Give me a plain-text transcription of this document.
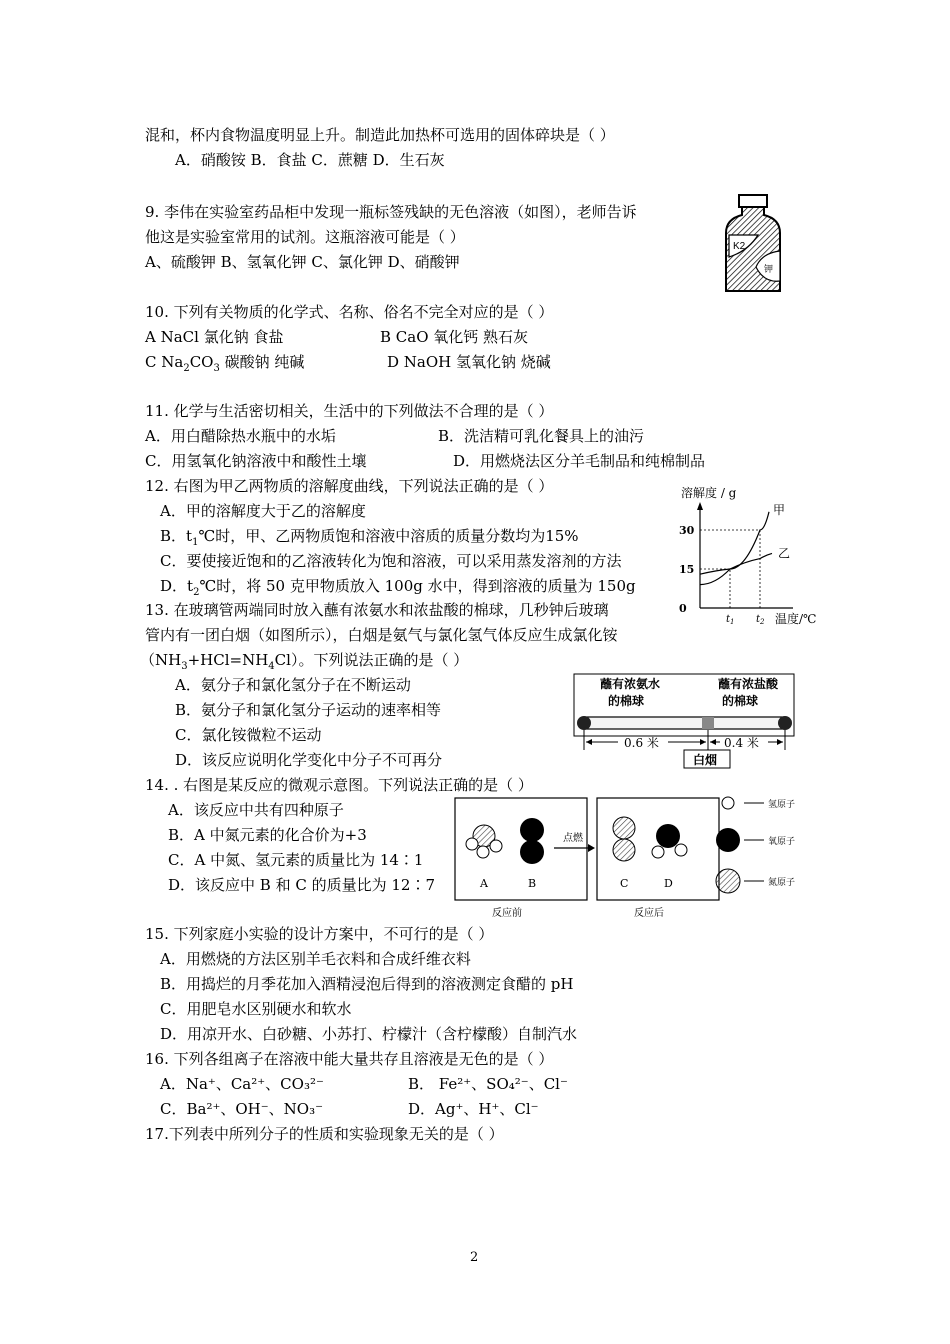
混和，杯内食物温度明显上升。制造此加热杯可选用的固体碎块是（ ）
A．硝酸铵 B．食盐 C．蔗糖 D．生石灰
9. 李伟在实验室药品柜中发现一瓶标签残缺的无色溶液（如图），老师告诉
他这是实验室常用的试剂。这瓶溶液可能是（ ）
A、硫酸钾 B、氢氧化钾 C、氯化钾 D、硝酸钾
K2
钾
10. 下列有关物质的化学式、名称、俗名不完全对应的是（ ）
A NaCl 氯化钠 食盐	B CaO 氧化钙 熟石灰
C $Na_2CO_3$ 碳酸钠 纯碱	D NaOH 氢氧化钠 烧碱
11. 化学与生活密切相关，生活中的下列做法不合理的是（ ）
A．用白醋除热水瓶中的水垢	B．洗洁精可乳化餐具上的油污
C．用氢氧化钠溶液中和酸性土壤	D．用燃烧法区分羊毛制品和纯棉制品
12. 右图为甲乙两物质的溶解度曲线，下列说法正确的是（ ）
A．甲的溶解度大于乙的溶解度
B．$t_1℃$时，甲、乙两物质饱和溶液中溶质的质量分数均为15%
C．要使接近饱和的乙溶液转化为饱和溶液，可以采用蒸发溶剂的方法
D．$t_2℃$时，将 50 克甲物质放入 100g 水中，得到溶液的质量为 150g
溶解度 / g
温度/℃
0
15
30
$t_1$ $t_2$
甲
乙
13. 在玻璃管两端同时放入蘸有浓氨水和浓盐酸的棉球，几秒钟后玻璃
管内有一团白烟（如图所示），白烟是氨气与氯化氢气体反应生成氯化铵
$(NH_3+HCl=NH_4Cl)$。下列说法正确的是（ ）
A．氨分子和氯化氢分子在不断运动
B．氨分子和氯化氢分子运动的速率相等
C．氯化铵微粒不运动
D．该反应说明化学变化中分子不可再分
蘸有浓氨水
的棉球
蘸有浓盐酸
的棉球
0.6 米	0.4 米
白烟
14. . 右图是某反应的微观示意图。下列说法正确的是（ ）
A．该反应中共有四种原子
B．A 中氮元素的化合价为+3
C．A 中氮、氢元素的质量比为 14∶1
D．该反应中 B 和 C 的质量比为 12∶7	A	B
点燃
C	D
反应前	反应后
氢原子
氧原子
氮原子
15. 下列家庭小实验的设计方案中，不可行的是（ ）
A．用燃烧的方法区别羊毛衣料和合成纤维衣料
B．用捣烂的月季花加入酒精浸泡后得到的溶液测定食醋的 pH
C．用肥皂水区别硬水和软水
D．用凉开水、白砂糖、小苏打、柠檬汁（含柠檬酸）自制汽水
16. 下列各组离子在溶液中能大量共存且溶液是无色的是（ ）
A．Na⁺、Ca²⁺、CO₃²⁻	B． Fe²⁺、SO₄²⁻、Cl⁻
C．Ba²⁺、OH⁻、NO₃⁻	D．Ag⁺、H⁺、Cl⁻
17.下列表中所列分子的性质和实验现象无关的是（ ）
2
